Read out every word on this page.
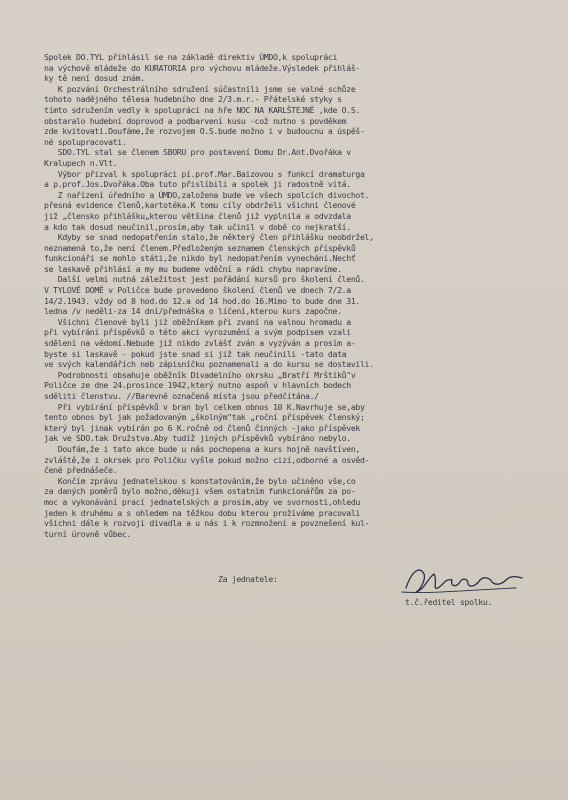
Spolek DO.TYL přihlásil se na základě direktiv ÚMDO,k spolupráci

na výchově mládeže do KURATORIA pro výchovu mládeže.Výsledek přihláš-

ky tě není dosud znám.

K pozvání Orchestrálního sdružení súčastnili jsme se valné schůze

tohoto nadějného tělesa hudebního dne 2/3.m.r.- Přátelské styky s

tímto sdružením vedly k spolupráci na hře NOC NA KARLŠTEJNĚ ,kde O.S.

obstaralo hudební doprovod a podbarvení kusu -což nutno s povděkem

zde kvitovati.Doufáme,že rozvojem O.S.bude možno i v budoucnu a úspěš-

né spolupracovati.

SDO.TYL stal se členem SBORU pro postavení Domu Dr.Ant.Dvořáka v

Kralupech n.Vlt.

Výbor přizval k spolupráci pí.prof.Mar.Baizovou s funkcí dramaturga

a p.prof.Jos.Dvořáka.Oba tuto přislíbili a spolek ji radostně vítá.

Z nařízení úředního a ÚMDO,založena bude ve všech spolcích divochot.

přesná evidence členů,kartotéka.K tomu cíly obdrželi všichni členové

již „člensko přihlášku„kterou většina členů již vyplnila a odvzdala

a kdo tak dosud neučinil,prosím,aby tak učinil v době co nejkratší.

Kdyby se snad nedopatřením stalo,že některý člen přihlášku neobdržel,

neznamená to,že není členem.Předloženým seznamem členských příspěvků

funkcionáři se mohlo státi,že nikdo byl nedopatřením vynecháni.Nechť

se laskavě přihlásí a my mu budeme vděční a rádi chybu napravíme.

Další velmi nutná záležitost jest pořádání kursů pro školení členů.

V TYLOVĚ DOMĚ v Poličce bude provedeno školení členů ve dnech 7/2.a

14/2.1943. vždy od 8 hod.do 12.a od 14 hod.do 16.Mimo to bude dne 31.

ledna /v neděli-za 14 dní/přednáška o líčení,kterou kurs započne.

Všichni členové byli již oběžníkem při zvaní na valnou hromadu a

při vybírání příspěvků o této akci vyrozumění a svým podpisem vzali

sdělení na vědomí.Nebude již nikdo zvlášť zván a vyzýván a prosím a-

byste si laskavě - pokud jste snad si již tak neučinili -tato data

ve svých kalendářích neb zápisníčku poznamenali a do kursu se dostavili.

Podrobnosti obsahuje oběžník Divadelního okrsku „Bratří Mrštíků"v

Poličce ze dne 24.prosince 1942,který nutno aspoň v hlavních bodech

sděliti členstvu. //Barevně označená místa jsou předčítána./

Při vybírání příspěvků v bran byl celkem obnos 10 K.Navrhuje se,aby

tento obnos byl jak požadovaným „školným"tak „roční příspěvek členský;

který byl jinak vybírán po 6 K.ročně od členů činných -jako příspěvek

jak ve SDO.tak Družstva.Aby tudíž jiných příspěvků vybíráno nebylo.

Doufám,že i tato akce bude u nás pochopena a kurs hojně navštíven,

zvláště,že i okrsek pro Poličku vyšle pokud možno cizí,odborné a osvěd-

čené přednášeče.

Končím zprávu jednatelskou s konstatováním,že bylo učiněno vše,co

za daných poměrů bylo možno,děkuji všem ostatním funkcionářům za po-

moc a vykonávání prací jednatelských a prosím,aby ve svornosti,ohledu

jeden k druhému a s ohledem na těžkou dobu kterou prožíváme pracovali

všichni dále k rozvoji divadla a u nás i k rozmnožení a povznešení kul-

turní úrovně vůbec.

Za jednatele:
t.č.ředitel spolku.
